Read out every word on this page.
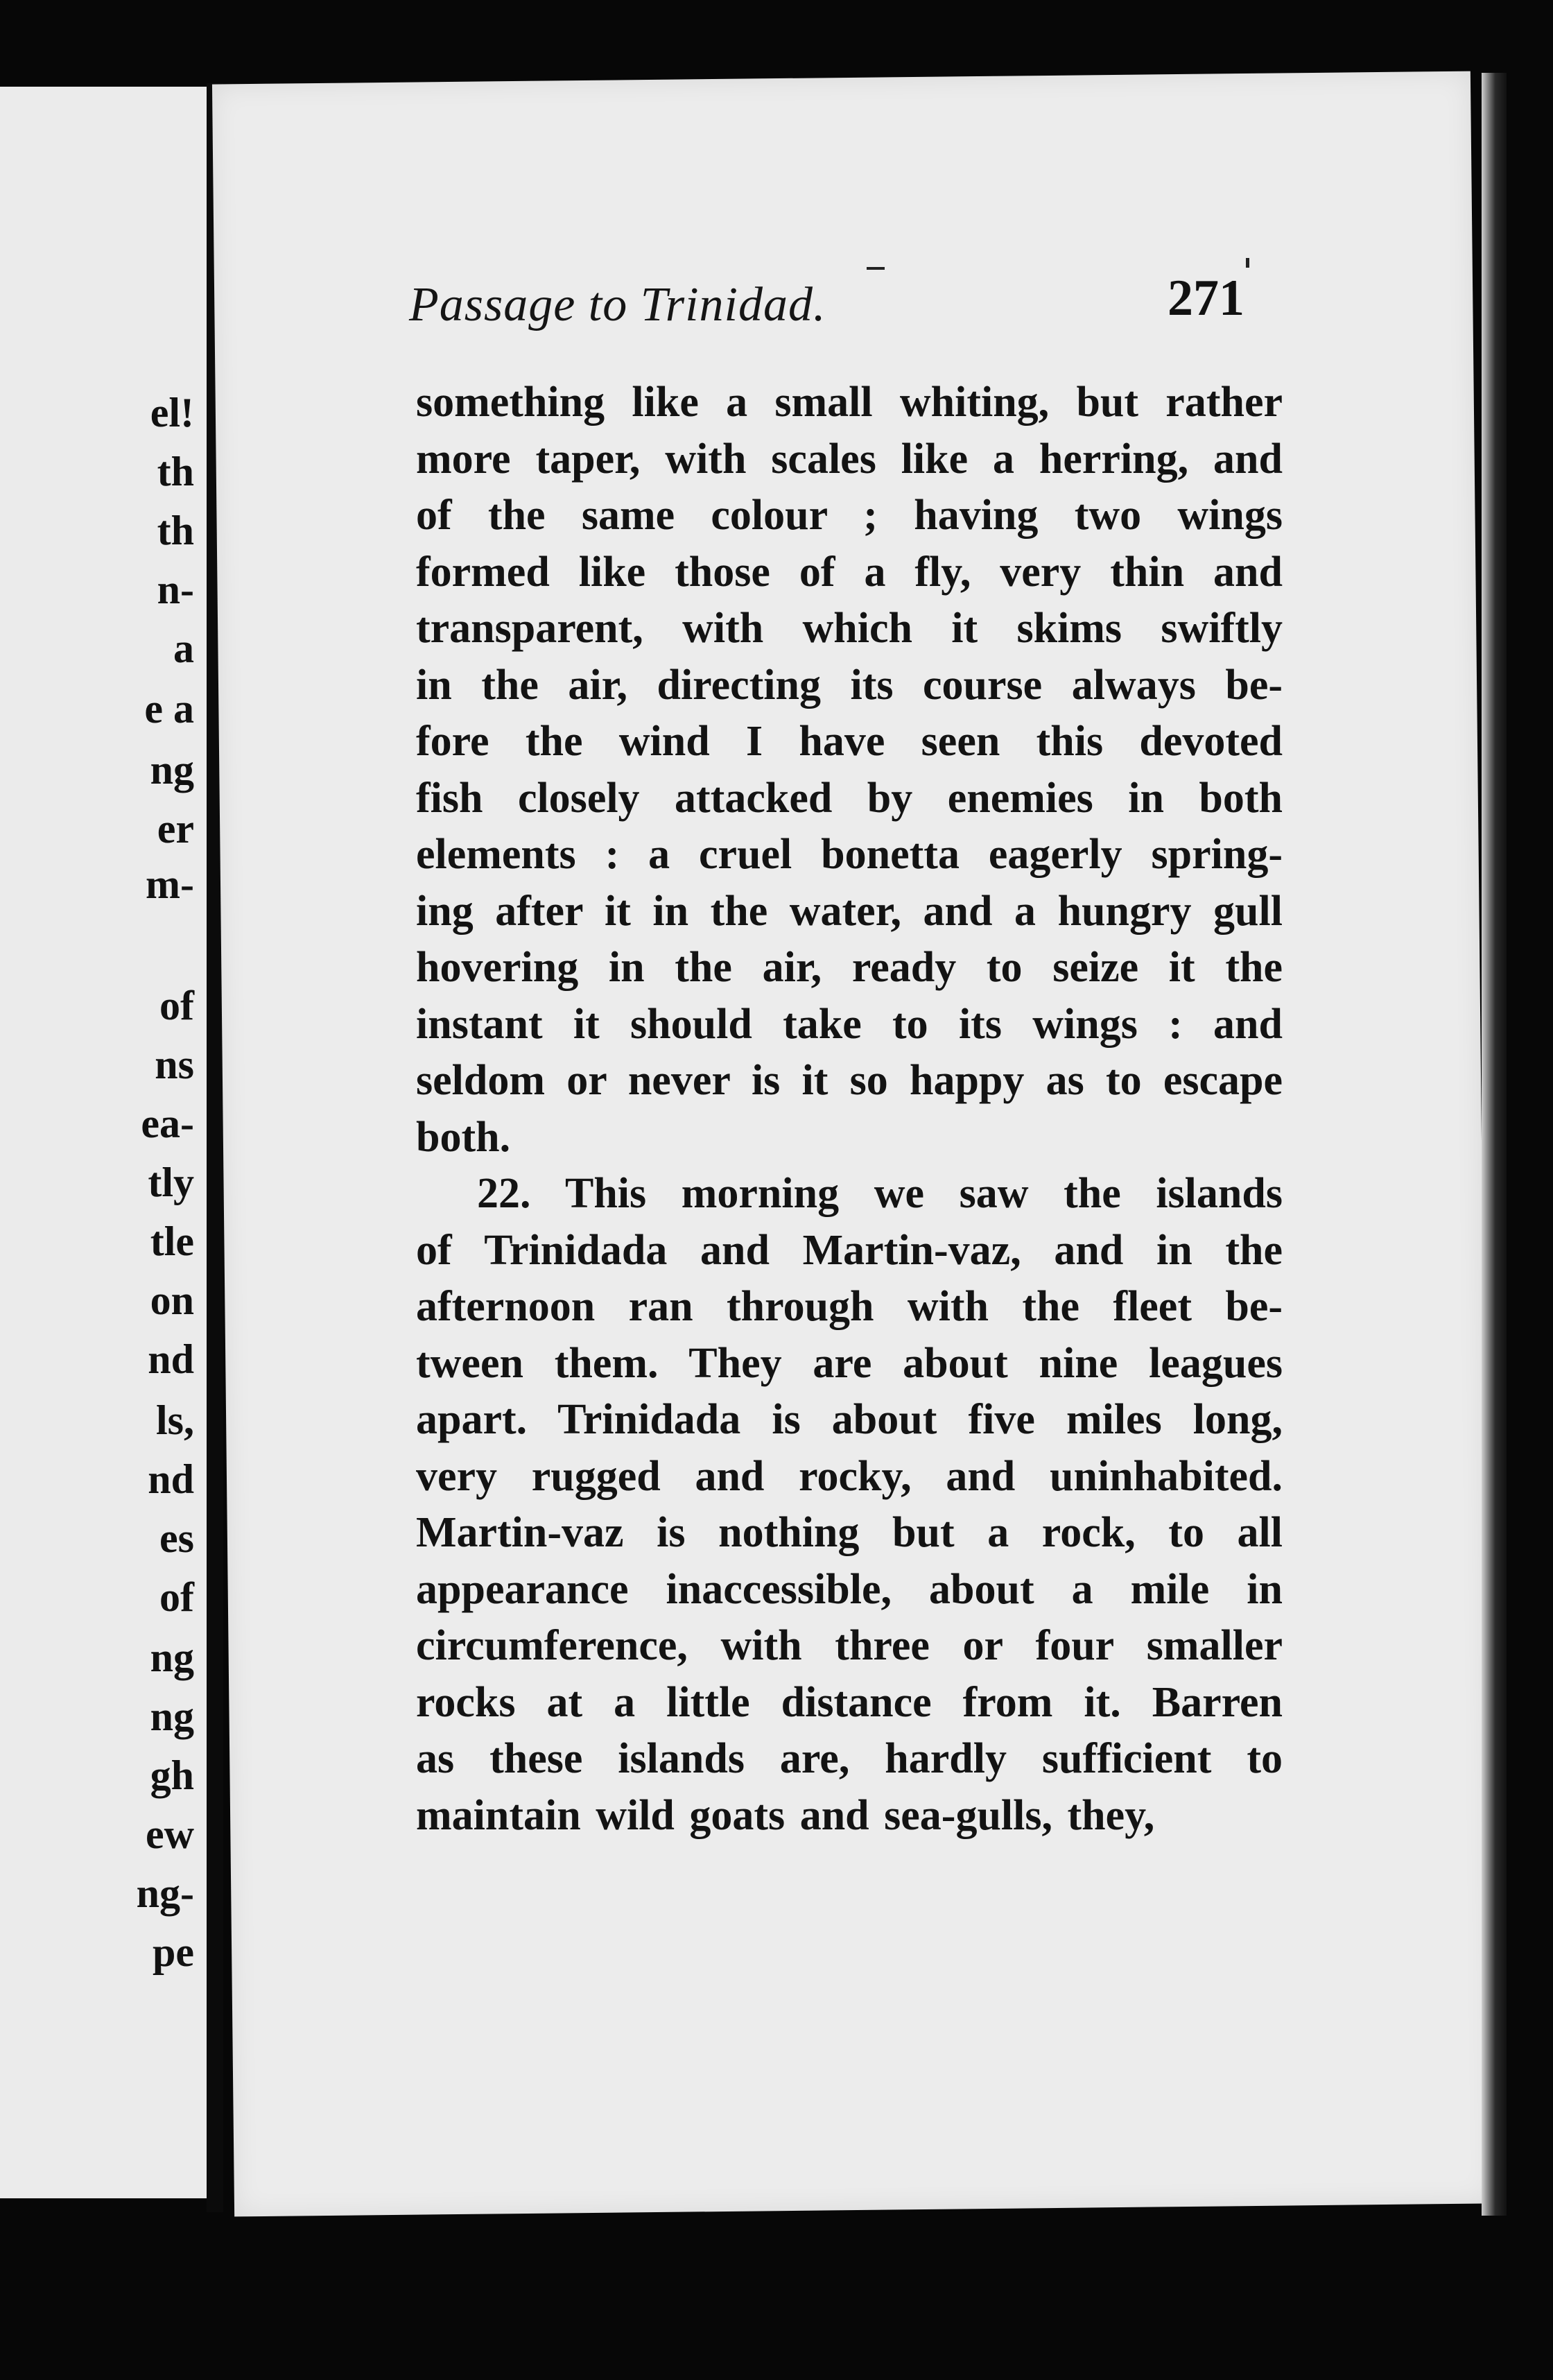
el!
th
th
n-
a
e a
ng
er
m-
of
ns
ea-
tly
tle
on
nd
ls,
nd
es
of
ng
ng
gh
ew
ng-
pe
Passage to Trinidad.	271
something like a small whiting, but rather
more taper, with scales like a herring, and
of the same colour ; having two wings
formed like those of a fly, very thin and
transparent, with which it skims swiftly
in the air, directing its course always be-
fore the wind I have seen this devoted
fish closely attacked by enemies in both
elements : a cruel bonetta eagerly spring-
ing after it in the water, and a hungry gull
hovering in the air, ready to seize it the
instant it should take to its wings : and
seldom or never is it so happy as to escape
both.
22. This morning we saw the islands
of Trinidada and Martin-vaz, and in the
afternoon ran through with the fleet be-
tween them. They are about nine leagues
apart. Trinidada is about five miles long,
very rugged and rocky, and uninhabited.
Martin-vaz is nothing but a rock, to all
appearance inaccessible, about a mile in
circumference, with three or four smaller
rocks at a little distance from it. Barren
as these islands are, hardly sufficient to
maintain wild goats and sea-gulls, they,
